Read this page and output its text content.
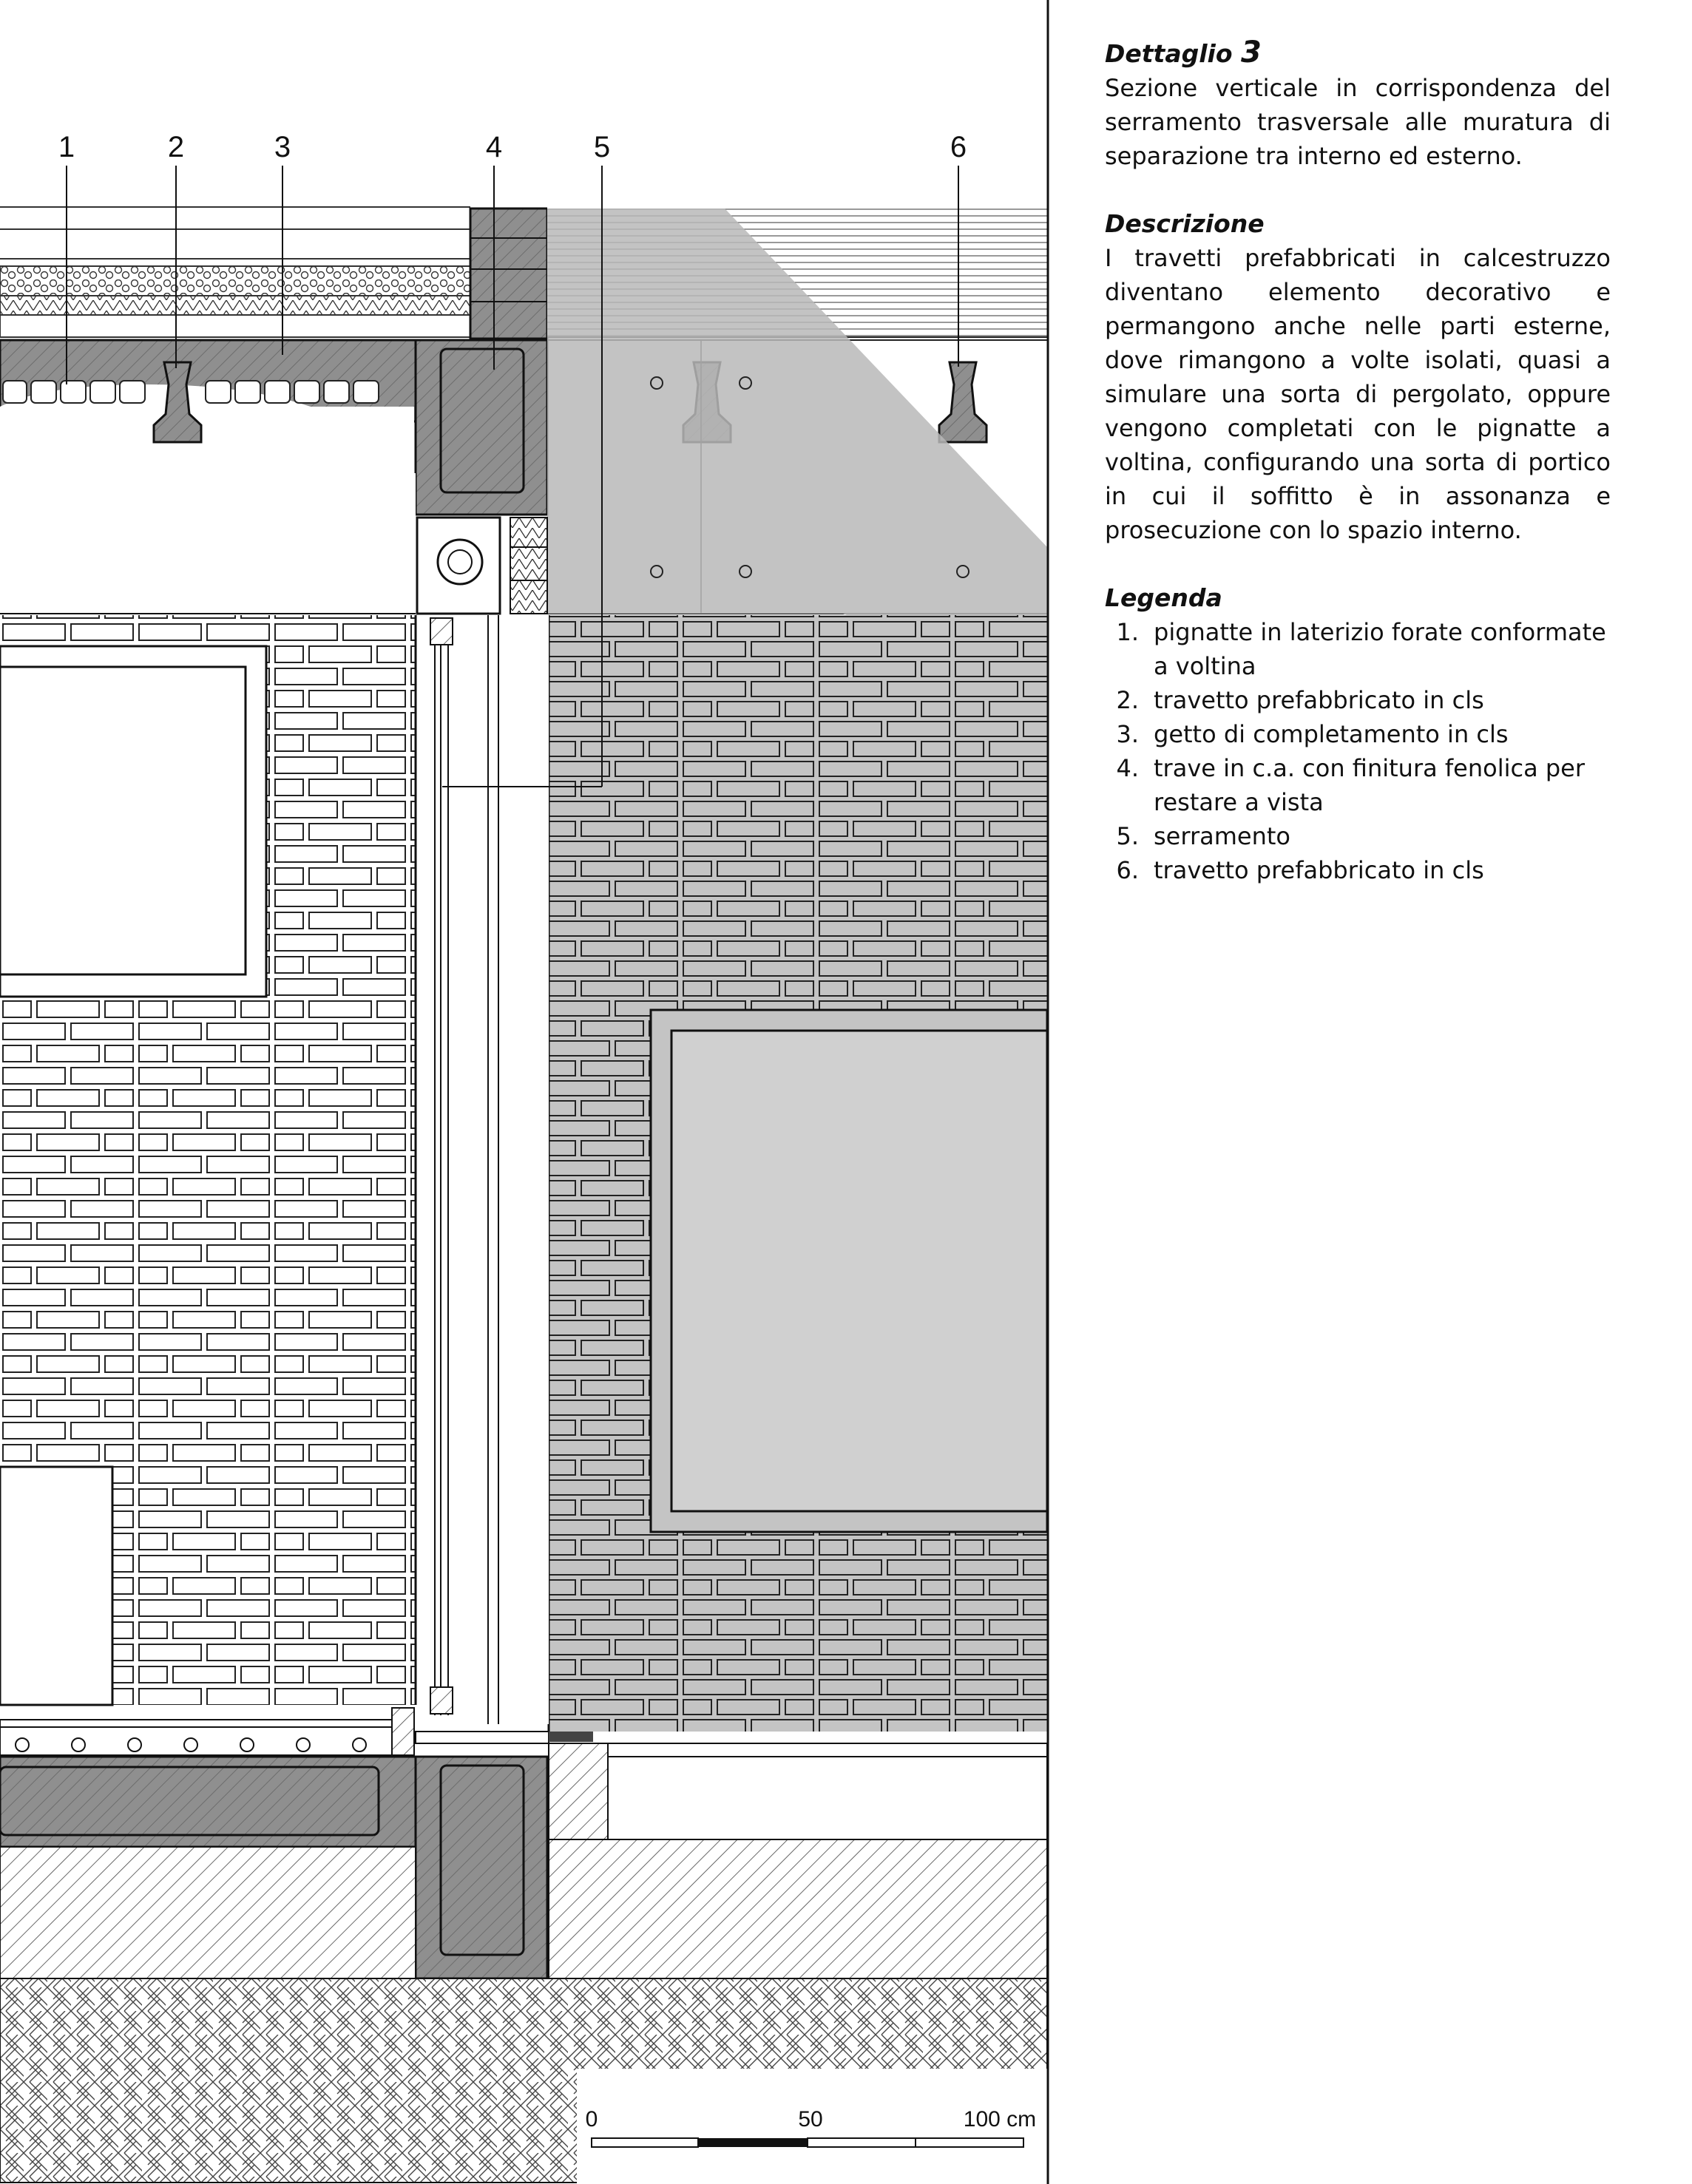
1	2	3	4	5	6
0	50	100 cm
Dettaglio 3

Sezione verticale in corrispondenza del serramento trasversale alle muratura di separazione tra interno ed esterno.

Descrizione

I travetti prefabbricati in calcestruzzo diventano elemento decorativo e permangono anche nelle parti esterne, dove rimangono a volte isolati, quasi a simulare una sorta di pergolato, oppure vengono completati con le pignatte a voltina, configurando una sorta di portico in cui il soffitto è in assonanza e prosecuzione con lo spazio interno.

Legenda
1. pignatte in laterizio forate conformate a voltina
2. travetto prefabbricato in cls
3. getto di completamento in cls
4. trave in c.a. con finitura fenolica per restare a vista
5. serramento
6. travetto prefabbricato in cls
